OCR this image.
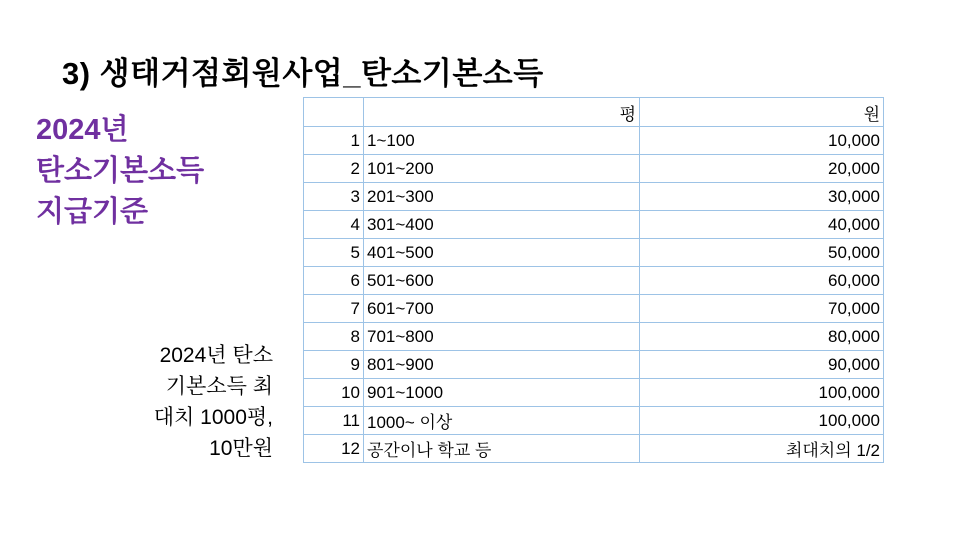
3) 생태거점회원사업_탄소기본소득
2024년
탄소기본소득
지급기준
2024년 탄소
기본소득 최
대치 1000평,
10만원
	평	원
1	1~100	10,000
2	101~200	20,000
3	201~300	30,000
4	301~400	40,000
5	401~500	50,000
6	501~600	60,000
7	601~700	70,000
8	701~800	80,000
9	801~900	90,000
10	901~1000	100,000
11	1000~ 이상	100,000
12	공간이나 학교 등	최대치의 1/2
